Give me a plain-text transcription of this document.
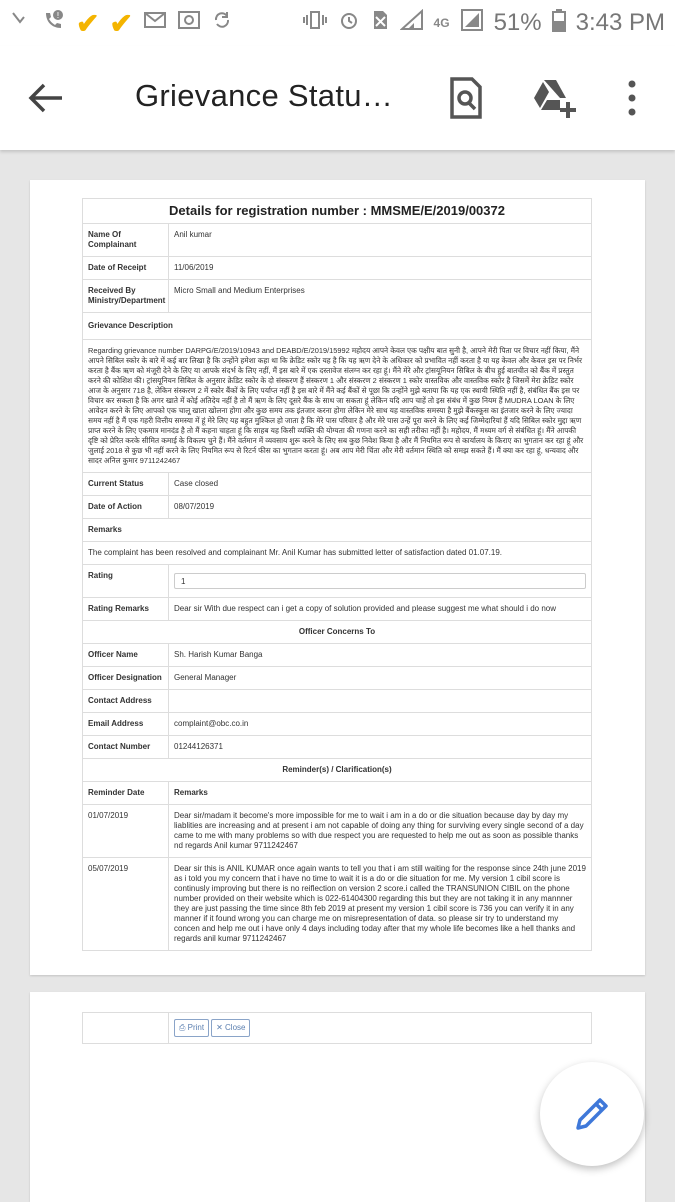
! ✔ ✔	4G 51% 3:43 PM
Grievance Statu…
Details for registration number : MMSME/E/2019/00372	
Name Of Complainant	Anil kumar
Date of Receipt	11/06/2019
Received By Ministry/Department	Micro Small and Medium Enterprises
Grievance Description	
Regarding grievance number DARPG/E/2019/10943 and DEABD/E/2019/15992 महोदय आपने केवल एक पक्षीय बात सुनी है, आपने मेरी पिता पर विचार नहीं किया, मैंने आपने सिबिल स्कोर के बारे में कई बार लिखा है कि उन्होंने हमेशा कहा था कि क्रेडिट स्कोर यह है कि यह ऋण देने के अधिकार को प्रभावित नहीं करता है या यह केवल और केवल इस पर निर्भर करता है बैंक ऋण को मंजूरी देने के लिए या आपके संदर्भ के लिए नहीं, मैं इस बारे में एक दस्तावेज संलग्न कर रहा हूं। मैंने मेरे और ट्रांसयूनियन सिबिल के बीच हुई बातचीत को बैंक में प्रस्तुत करने की कोशिश की। ट्रांसयूनियन सिबिल के अनुसार क्रेडिट स्कोर के दो संस्करण हैं संस्करण 1 और संस्करण 2 संस्करण 1 स्कोर वास्तविक और वास्तविक स्कोर है जिसमें मेरा क्रेडिट स्कोर आज के अनुसार 718 है, लेकिन संस्करण 2 में स्कोर बैंकों के लिए पर्याप्त नहीं है इस बारे में मैंने कई बैंकों से पूछा कि उन्होंने मुझे बताया कि यह एक स्थायी स्थिति नहीं है, संबंधित बैंक इस पर विचार कर सकता है कि अगर खाते में कोई अतिदेय नहीं है तो मैं ऋण के लिए दूसरे बैंक के साथ जा सकता हूं लेकिन यदि आप चाहें तो इस संबंध में कुछ नियम हैं MUDRA LOAN के लिए आवेदन करने के लिए आपको एक चालू खाता खोलना होगा और कुछ समय तक इंतजार करना होगा लेकिन मेरे साथ यह वास्तविक समस्या है मुझे बैंकस्कूस का इंतजार करने के लिए ज्यादा समय नहीं है मैं एक गहरी वित्तीय समस्या में हूं मेरे लिए यह बहुत मुश्किल हो जाता है कि मेरे पास परिवार है और मेरे पास उन्हें पूरा करने के लिए कई जिम्मेदारियां हैं यदि सिबिल स्कोर मुद्दा ऋण प्राप्त करने के लिए एकमात्र मानदंड है तो मैं कहना चाहता हूं कि साहब यह किसी व्यक्ति की योग्यता की गणना करने का सही तरीका नहीं है। महोदय, मैं मध्यम वर्ग से संबंधित हूं। मैंने आपकी दृष्टि को प्रेरित करके सीमित कमाई के विकल्प चुने हैं। मैंने वर्तमान में व्यवसाय शुरू करने के लिए सब कुछ निवेश किया है और मैं नियमित रूप से कार्यालय के किराए का भुगतान कर रहा हूं और जुलाई 2018 से कुछ भी नहीं करने के लिए नियमित रूप से रिटर्न फीस का भुगतान करता हूं। अब आप मेरी चिंता और मेरी वर्तमान स्थिति को समझ सकते हैं। मैं क्या कर रहा हूं, धन्यवाद और सादर अनिल कुमार 9711242467	
Current Status	Case closed
Date of Action	08/07/2019
Remarks	
The complaint has been resolved and complainant Mr. Anil Kumar has submitted letter of satisfaction dated 01.07.19.	
Rating	1

Rating Remarks	Dear sir With due respect can i get a copy of solution provided and please suggest me what should i do now
Officer Concerns To	
Officer Name	Sh. Harish Kumar Banga
Officer Designation	General Manager
Contact Address	
Email Address	complaint@obc.co.in
Contact Number	01244126371
Reminder(s) / Clarification(s)	
Reminder Date	Remarks
01/07/2019	Dear sir/madam it become's more impossible for me to wait i am in a do or die situation because day by day my liablities are increasing and at present i am not capable of doing any thing for surviving every single second of a day came to me with many problems so with due respect you are requested to help me out as soon as possible thanks nd regards Anil kumar 9711242467
05/07/2019	Dear sir this is ANIL KUMAR once again wants to tell you that i am still waiting for the response since 24th june 2019 as i told you my concern that i have no time to wait it is a do or die situation for me. My version 1 cibil score is continusly improving but there is no reiflection on version 2 score.i called the TRANSUNION CIBIL on the phone number provided on their website which is 022-61404300 regarding this but they are not taking it in any mannner they are just passing the time since 8th feb 2019 at present my version 1 cibil score is 736 you can verify it in any manner if it found wrong you can charge me on misrepresentation of data. so please sir try to understand my concen and help me out i have only 4 days including today after that my whole life becomes like a hell thanks and regards anil kumar 9711242467
	⎙ Print ✕ Close
